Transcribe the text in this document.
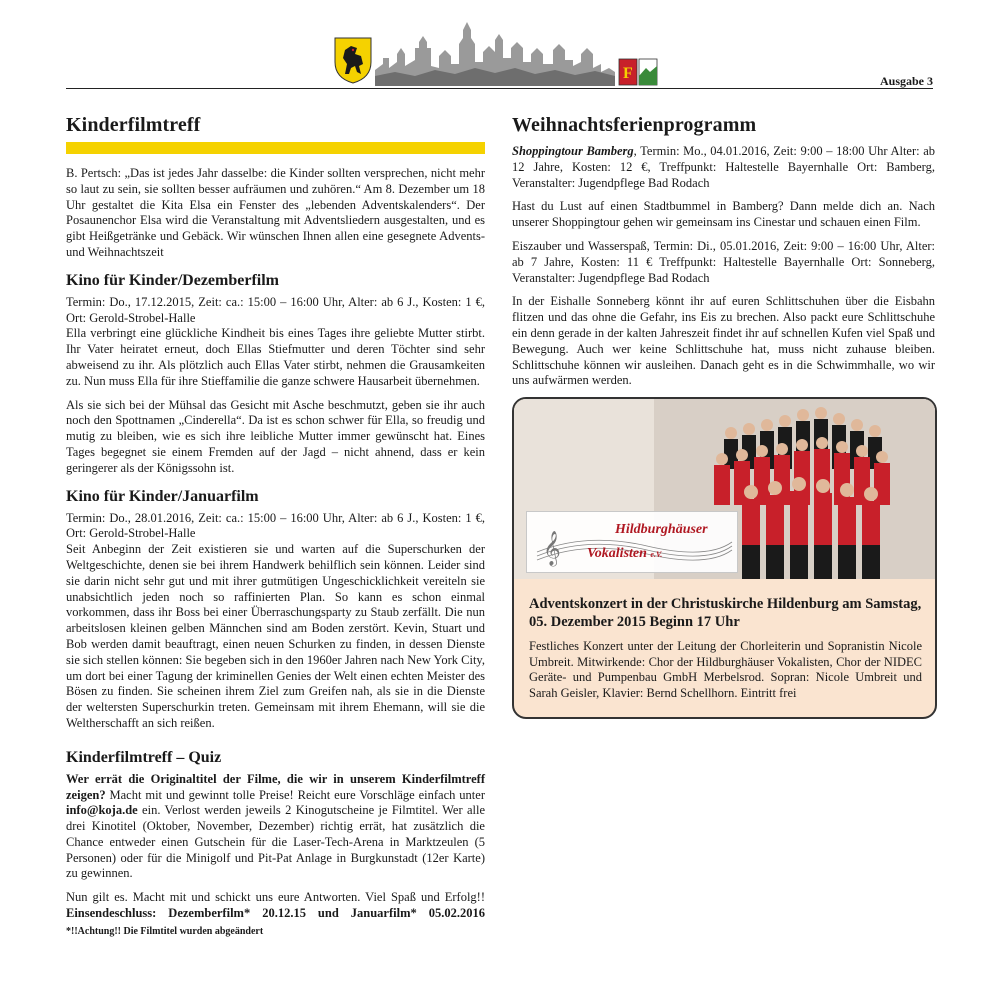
F	Ausgabe 3
Kinderfilmtreff

B. Pertsch: „Das ist jedes Jahr dasselbe: die Kinder sollten versprechen, nicht mehr so laut zu sein, sie sollten besser aufräumen und zuhören.“ Am 8. Dezember um 18 Uhr gestaltet die Kita Elsa ein Fenster des „lebenden Adventskalenders“. Der Posaunenchor Elsa wird die Veranstaltung mit Adventsliedern ausgestalten, und es gibt Heißgetränke und Gebäck. Wir wünschen Ihnen allen eine gesegnete Advents- und Weihnachtszeit

Kino für Kinder/Dezemberfilm

Termin: Do., 17.12.2015, Zeit: ca.: 15:00 – 16:00 Uhr, Alter: ab 6 J., Kosten: 1 €, Ort: Gerold-Strobel-Halle

Ella verbringt eine glückliche Kindheit bis eines Tages ihre geliebte Mutter stirbt. Ihr Vater heiratet erneut, doch Ellas Stiefmutter und deren Töchter sind sehr abweisend zu ihr. Als plötzlich auch Ellas Vater stirbt, nehmen die Grausamkeiten zu. Nun muss Ella für ihre Stieffamilie die ganze schwere Hausarbeit übernehmen.

Als sie sich bei der Mühsal das Gesicht mit Asche beschmutzt, geben sie ihr auch noch den Spottnamen „Cinderella“. Da ist es schon schwer für Ella, so freudig und mutig zu bleiben, wie es sich ihre leibliche Mutter immer gewünscht hat. Eines Tages begegnet sie einem Fremden auf der Jagd – nicht ahnend, dass er kein geringerer als der Königssohn ist.

Kino für Kinder/Januarfilm

Termin: Do., 28.01.2016, Zeit: ca.: 15:00 – 16:00 Uhr, Alter: ab 6 J., Kosten: 1 €, Ort: Gerold-Strobel-Halle

Seit Anbeginn der Zeit existieren sie und warten auf die Superschurken der Weltgeschichte, denen sie bei ihrem Handwerk behilflich sein können. Leider sind sie darin nicht sehr gut und mit ihrer gutmütigen Ungeschicklichkeit vereiteln sie unabsichtlich jeden noch so raffinierten Plan. So kann es schon einmal vorkommen, dass ihr Boss bei einer Überraschungsparty zu Staub zerfällt. Die nun arbeitslosen kleinen gelben Männchen sind am Boden zerstört. Kevin, Stuart und Bob werden damit beauftragt, einen neuen Schurken zu finden, in dessen Dienste sie sich stellen können: Sie begeben sich in den 1960er Jahren nach New York City, um dort bei einer Tagung der kriminellen Genies der Welt einen echten Meister des Bösen zu finden. Sie scheinen ihrem Ziel zum Greifen nah, als sie in die Dienste der weltersten Superschurkin treten. Gemeinsam mit ihrem Ehemann, will sie die Weltherschafft an sich reißen.

Kinderfilmtreff – Quiz

Wer errät die Originaltitel der Filme, die wir in unserem Kinderfilmtreff zeigen? Macht mit und gewinnt tolle Preise! Reicht eure Vorschläge einfach unter info@koja.de ein. Verlost werden jeweils 2 Kinogutscheine je Filmtitel. Wer alle drei Kinotitel (Oktober, November, Dezember) richtig errät, hat zusätzlich die Chance entweder einen Gutschein für die Laser-Tech-Arena in Marktzeulen (5 Personen) oder für die Minigolf und Pit-Pat Anlage in Burgkunstadt (12er Karte) zu gewinnen.

Nun gilt es. Macht mit und schickt uns eure Antworten. Viel Spaß und Erfolg!! Einsendeschluss: Dezemberfilm* 20.12.15 und Januarfilm* 05.02.2016 *!!Achtung!! Die Filmtitel wurden abgeändert

Weihnachtsferienprogramm

Shoppingtour Bamberg, Termin: Mo., 04.01.2016, Zeit: 9:00 – 18:00 Uhr Alter: ab 12 Jahre, Kosten: 12 €, Treffpunkt: Haltestelle Bayernhalle Ort: Bamberg, Veranstalter: Jugendpflege Bad Rodach

Hast du Lust auf einen Stadtbummel in Bamberg? Dann melde dich an. Nach unserer Shoppingtour gehen wir gemeinsam ins Cinestar und schauen einen Film.

Eiszauber und Wasserspaß, Termin: Di., 05.01.2016, Zeit: 9:00 – 16:00 Uhr, Alter: ab 7 Jahre, Kosten: 11 € Treffpunkt: Haltestelle Bayernhalle Ort: Sonneberg, Veranstalter: Jugendpflege Bad Rodach

In der Eishalle Sonneberg könnt ihr auf euren Schlittschuhen über die Eisbahn flitzen und das ohne die Gefahr, ins Eis zu brechen. Also packt eure Schlittschuhe ein denn gerade in der kalten Jahreszeit findet ihr auf schnellen Kufen viel Spaß und Bewegung. Auch wer keine Schlittschuhe hat, muss nicht zuhause bleiben. Schlittschuhe können wir ausleihen. Danach geht es in die Schwimmhalle, wo wir uns aufwärmen werden.

𝄞
Hildburghäuser
Vokalisten e.V.
Adventskonzert in der Christuskirche Hildenburg am Samstag, 05. Dezember 2015 Beginn 17 Uhr

Festliches Konzert unter der Leitung der Chorleiterin und Sopranistin Nicole Umbreit. Mitwirkende: Chor der Hildburghäuser Vokalisten, Chor der NIDEC Geräte- und Pumpenbau GmbH Merbelsrod. Sopran: Nicole Umbreit und Sarah Geisler, Klavier: Bernd Schellhorn. Eintritt frei
